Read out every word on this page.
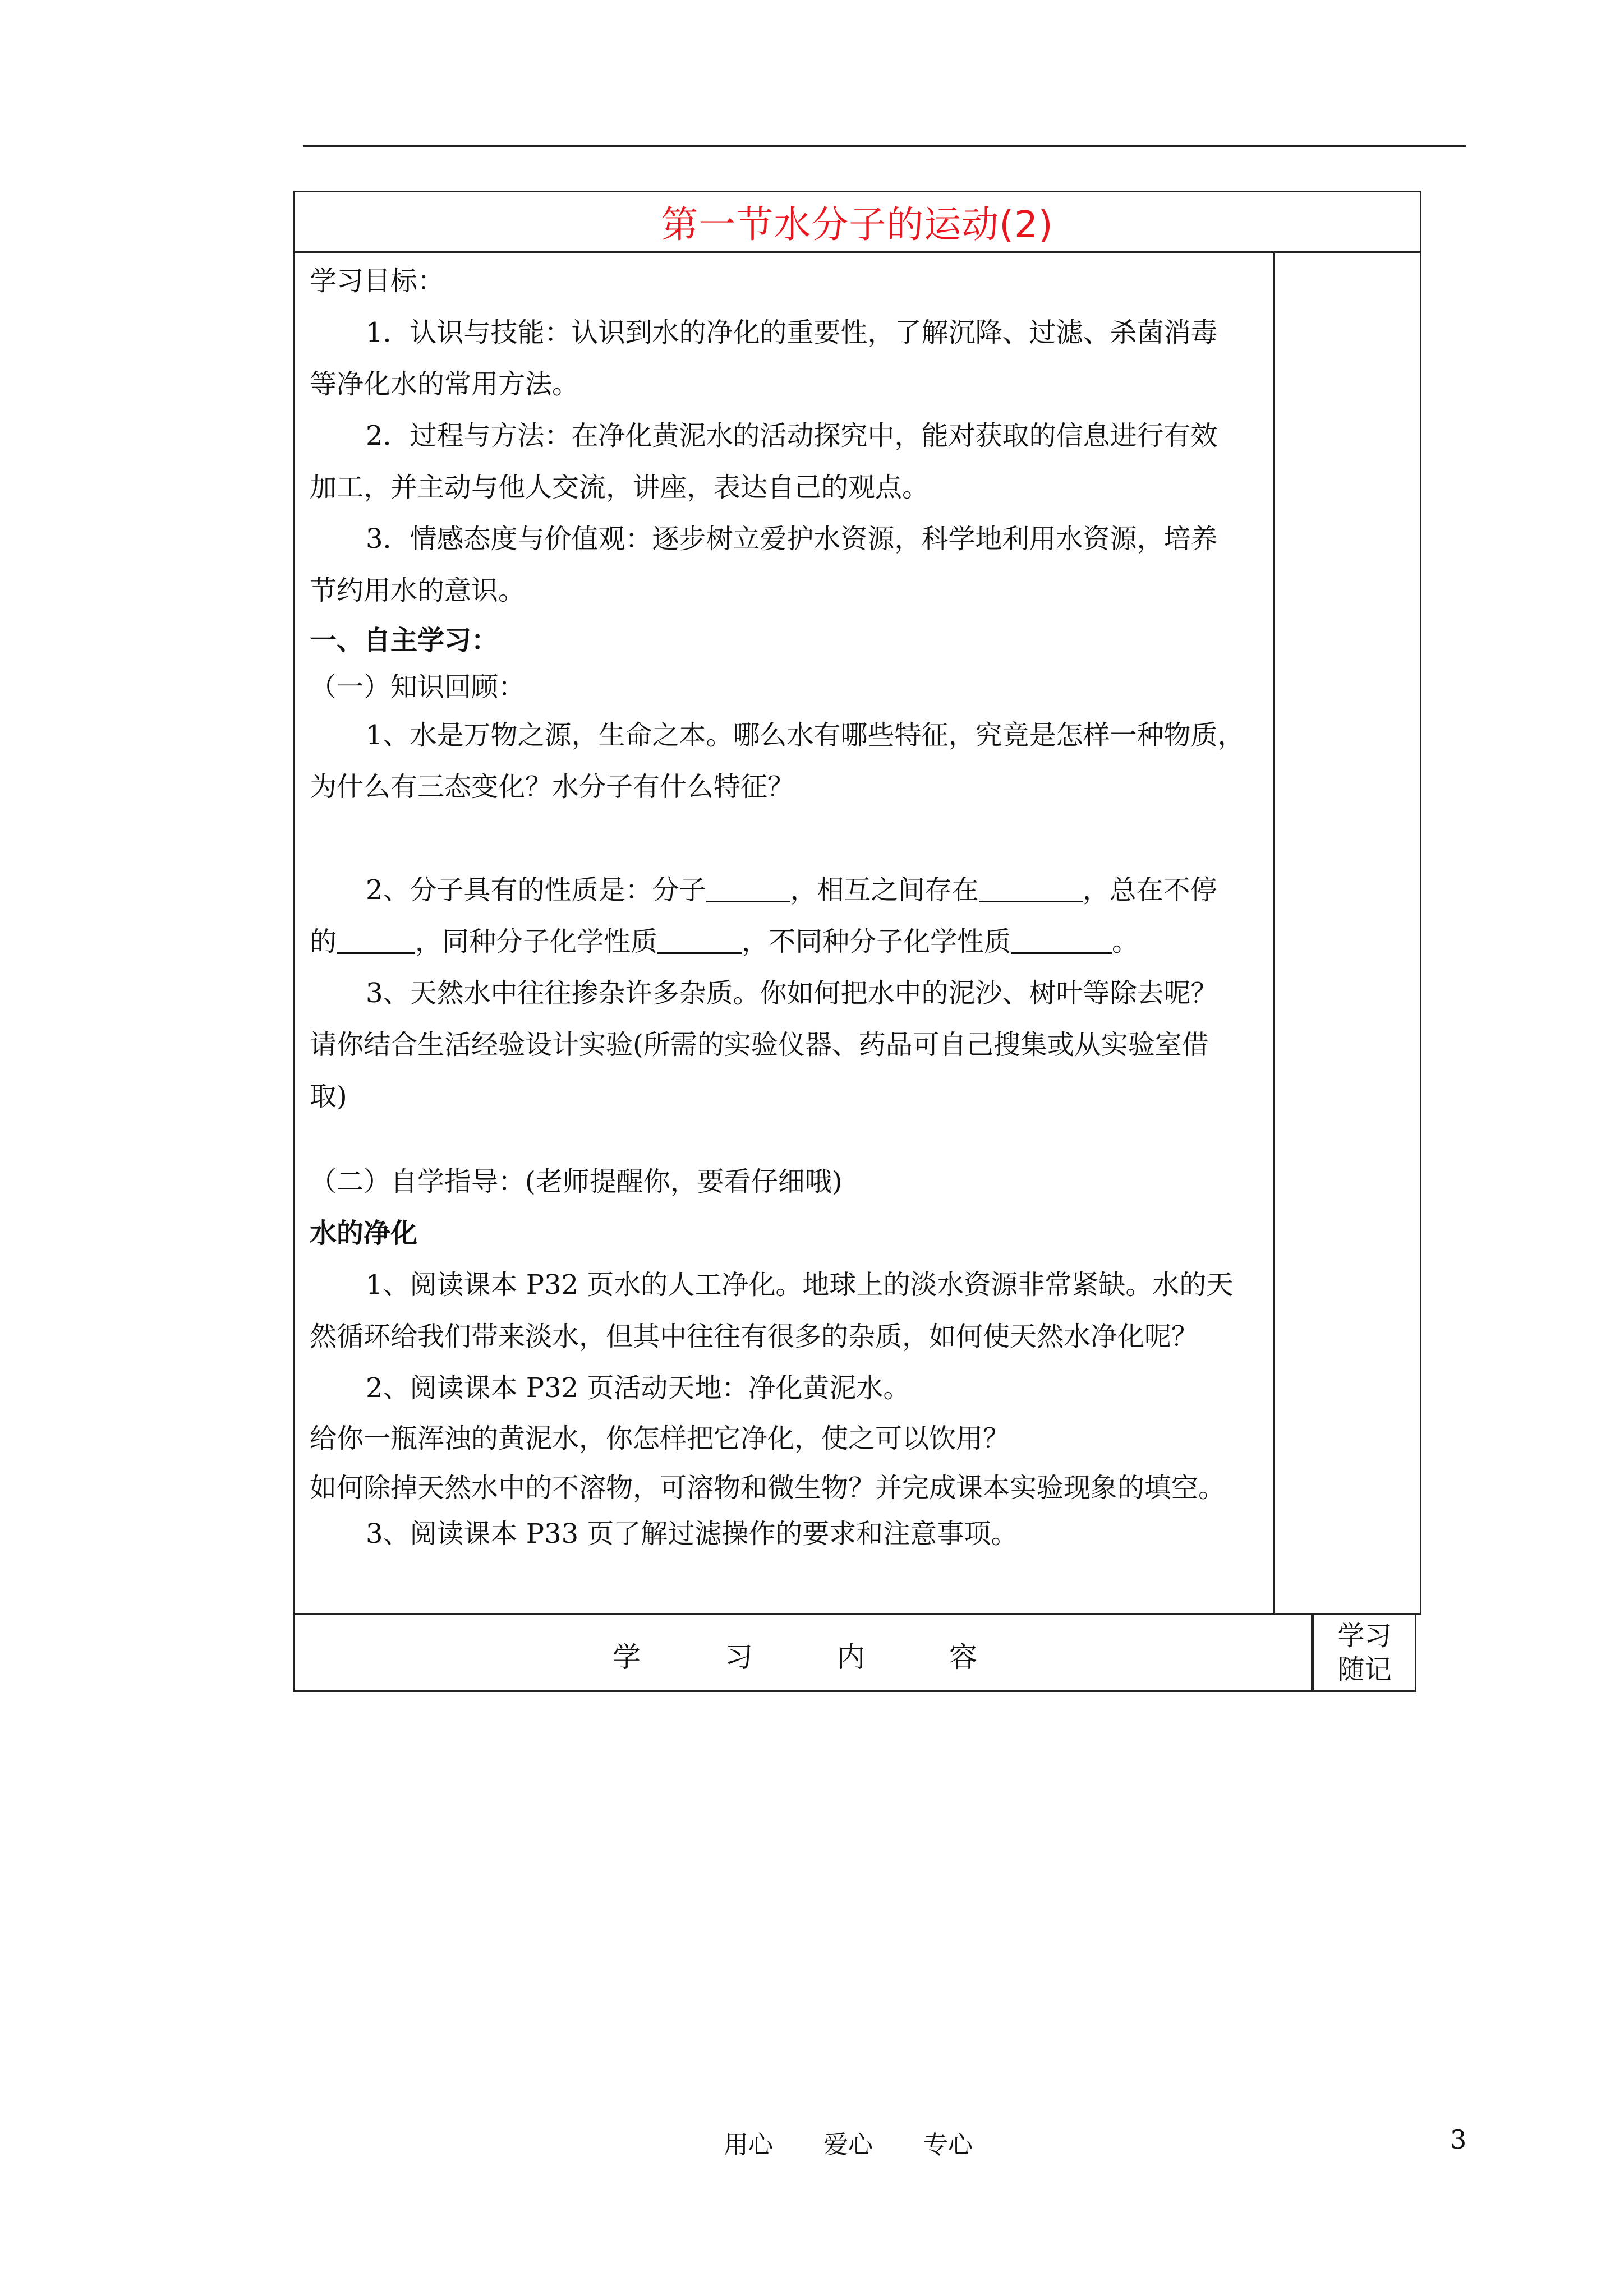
第一节水分子的运动(2)

学习目标：

1．认识与技能：认识到水的净化的重要性，了解沉降、过滤、杀菌消毒

等净化水的常用方法。

2．过程与方法：在净化黄泥水的活动探究中，能对获取的信息进行有效

加工，并主动与他人交流，讲座，表达自己的观点。

3．情感态度与价值观：逐步树立爱护水资源，科学地利用水资源，培养

节约用水的意识。

一、自主学习：

（一）知识回顾：

1、水是万物之源，生命之本。哪么水有哪些特征，究竟是怎样一种物质，

为什么有三态变化？水分子有什么特征？

2、分子具有的性质是：分子	，相互之间存在	，总在不停

的	，同种分子化学性质	，不同种分子化学性质	。

3、天然水中往往掺杂许多杂质。你如何把水中的泥沙、树叶等除去呢？

请你结合生活经验设计实验(所需的实验仪器、药品可自己搜集或从实验室借

取)

（二）自学指导：(老师提醒你，要看仔细哦)

水的净化

1、阅读课本 P32 页水的人工净化。地球上的淡水资源非常紧缺。水的天

然循环给我们带来淡水，但其中往往有很多的杂质，如何使天然水净化呢？

2、阅读课本 P32 页活动天地：净化黄泥水。

给你一瓶浑浊的黄泥水，你怎样把它净化，使之可以饮用？

如何除掉天然水中的不溶物，可溶物和微生物？并完成课本实验现象的填空。

3、阅读课本 P33 页了解过滤操作的要求和注意事项。

学习内容
学习
随记
用心 爱心 专心	3
